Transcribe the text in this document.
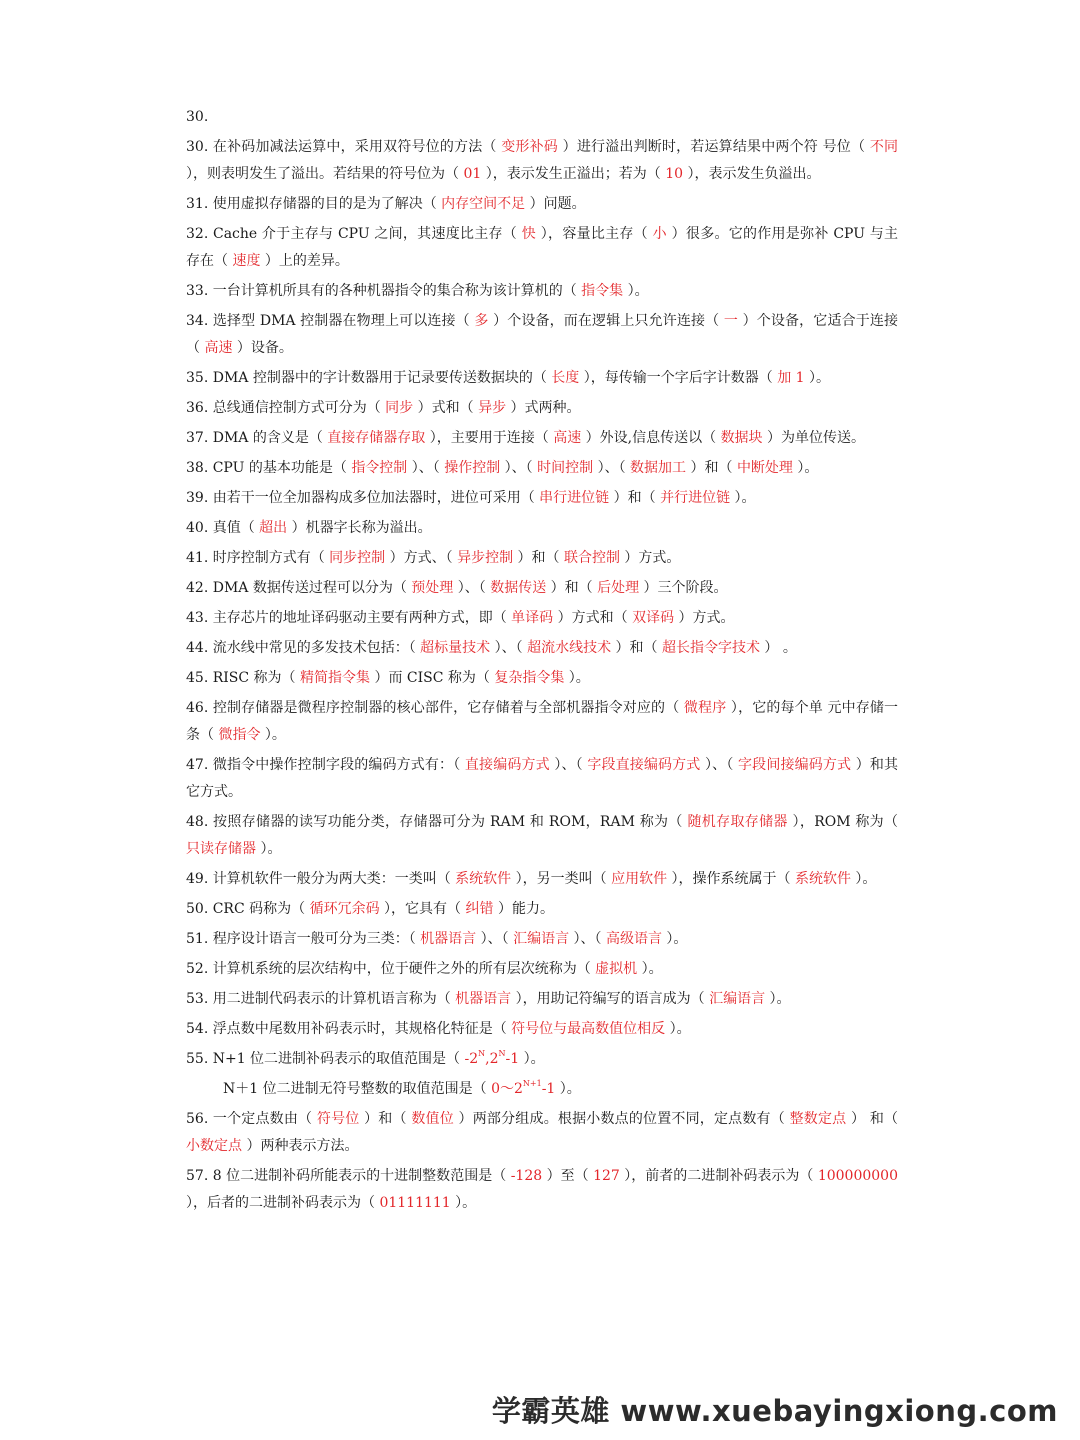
30.

30. 在补码加减法运算中，采用双符号位的方法（ 变形补码 ）进行溢出判断时，若运算结果中两个符 号位（ 不同 ），则表明发生了溢出。若结果的符号位为（ 01 ），表示发生正溢出；若为（ 10 ），表示发生负溢出。

31. 使用虚拟存储器的目的是为了解决（ 内存空间不足 ）问题。

32. Cache 介于主存与 CPU 之间，其速度比主存（ 快 ），容量比主存（ 小 ）很多。它的作用是弥补 CPU 与主存在（ 速度 ）上的差异。

33. 一台计算机所具有的各种机器指令的集合称为该计算机的（ 指令集 ）。

34. 选择型 DMA 控制器在物理上可以连接（ 多 ）个设备，而在逻辑上只允许连接（ 一 ）个设备，它适合于连接（ 高速 ）设备。

35. DMA 控制器中的字计数器用于记录要传送数据块的（ 长度 ），每传输一个字后字计数器（ 加 1 ）。

36. 总线通信控制方式可分为（ 同步 ）式和（ 异步 ）式两种。

37. DMA 的含义是（ 直接存储器存取 ），主要用于连接（ 高速 ）外设,信息传送以（ 数据块 ）为单位传送。

38. CPU 的基本功能是（ 指令控制 ）、（ 操作控制 ）、（ 时间控制 ）、（ 数据加工 ）和（ 中断处理 ）。

39. 由若干一位全加器构成多位加法器时，进位可采用（ 串行进位链 ）和（ 并行进位链 ）。

40. 真值（ 超出 ）机器字长称为溢出。

41. 时序控制方式有（ 同步控制 ）方式、（ 异步控制 ）和（ 联合控制 ）方式。

42. DMA 数据传送过程可以分为（ 预处理 ）、（ 数据传送 ）和（ 后处理 ）三个阶段。

43. 主存芯片的地址译码驱动主要有两种方式，即（ 单译码 ）方式和（ 双译码 ）方式。

44. 流水线中常见的多发技术包括：（ 超标量技术 ）、（ 超流水线技术 ）和（ 超长指令字技术 ） 。

45. RISC 称为（ 精简指令集 ）而 CISC 称为（ 复杂指令集 ）。

46. 控制存储器是微程序控制器的核心部件，它存储着与全部机器指令对应的（ 微程序 ），它的每个单 元中存储一条（ 微指令 ）。

47. 微指令中操作控制字段的编码方式有：（ 直接编码方式 ）、（ 字段直接编码方式 ）、（ 字段间接编码方式 ）和其它方式。

48. 按照存储器的读写功能分类，存储器可分为 RAM 和 ROM，RAM 称为（ 随机存取存储器 ），ROM 称为（ 只读存储器 ）。

49. 计算机软件一般分为两大类：一类叫（ 系统软件 ），另一类叫（ 应用软件 ），操作系统属于（ 系统软件 ）。

50. CRC 码称为（ 循环冗余码 ），它具有（ 纠错 ）能力。

51. 程序设计语言一般可分为三类：（ 机器语言 ）、（ 汇编语言 ）、（ 高级语言 ）。

52. 计算机系统的层次结构中，位于硬件之外的所有层次统称为（ 虚拟机 ）。

53. 用二进制代码表示的计算机语言称为（ 机器语言 ），用助记符编写的语言成为（ 汇编语言 ）。

54. 浮点数中尾数用补码表示时，其规格化特征是（ 符号位与最高数值位相反 ）。

55. N+1 位二进制补码表示的取值范围是（ $-2^N,2^N-1$ ）。

N＋1 位二进制无符号整数的取值范围是（ $0\sim 2^{N+1}-1$ ）。

56. 一个定点数由（ 符号位 ）和（ 数值位 ）两部分组成。根据小数点的位置不同，定点数有（ 整数定点 ） 和（ 小数定点 ）两种表示方法。

57. 8 位二进制补码所能表示的十进制整数范围是（ -128 ）至（ 127 ），前者的二进制补码表示为（ 100000000 ），后者的二进制补码表示为（ 01111111 ）。

学霸英雄 www.xuebayingxiong.com
